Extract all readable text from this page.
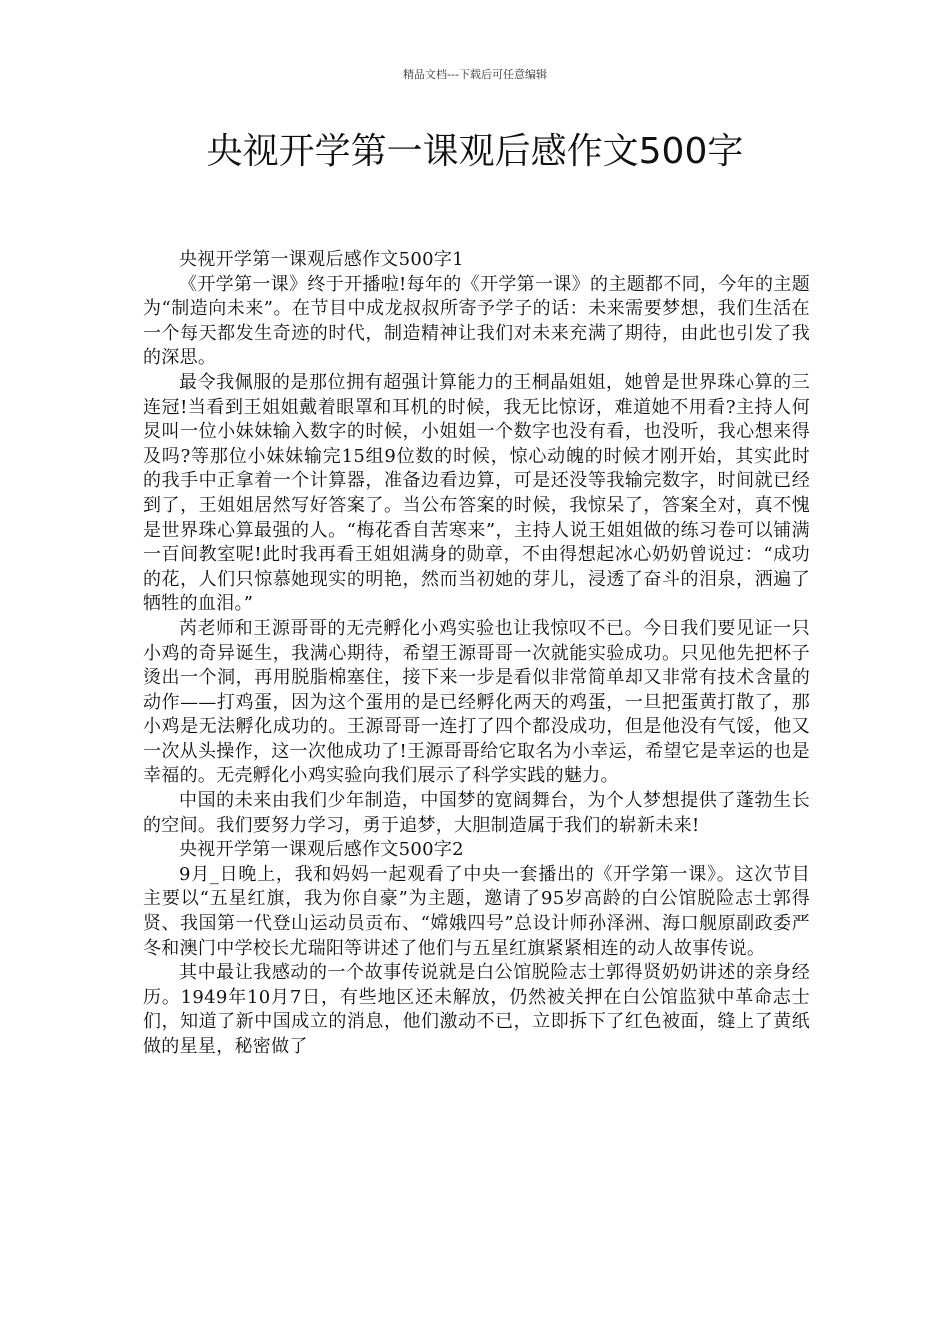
精品文档---下载后可任意编辑
央视开学第一课观后感作文500字

央视开学第一课观后感作文500字1

《开学第一课》终于开播啦!每年的《开学第一课》的主题都不同，今年的主题为“制造向未来”。在节目中成龙叔叔所寄予学子的话：未来需要梦想，我们生活在一个每天都发生奇迹的时代，制造精神让我们对未来充满了期待，由此也引发了我的深思。

最令我佩服的是那位拥有超强计算能力的王桐晶姐姐，她曾是世界珠心算的三连冠!当看到王姐姐戴着眼罩和耳机的时候，我无比惊讶，难道她不用看?主持人何炅叫一位小妹妹输入数字的时候，小姐姐一个数字也没有看，也没听，我心想来得及吗?等那位小妹妹输完15组9位数的时候，惊心动魄的时候才刚开始，其实此时的我手中正拿着一个计算器，准备边看边算，可是还没等我输完数字，时间就已经到了，王姐姐居然写好答案了。当公布答案的时候，我惊呆了，答案全对，真不愧是世界珠心算最强的人。“梅花香自苦寒来”，主持人说王姐姐做的练习卷可以铺满一百间教室呢!此时我再看王姐姐满身的勋章，不由得想起冰心奶奶曾说过：“成功的花，人们只惊慕她现实的明艳，然而当初她的芽儿，浸透了奋斗的泪泉，洒遍了牺牲的血泪。”

芮老师和王源哥哥的无壳孵化小鸡实验也让我惊叹不已。今日我们要见证一只小鸡的奇异诞生，我满心期待，希望王源哥哥一次就能实验成功。只见他先把杯子烫出一个洞，再用脱脂棉塞住，接下来一步是看似非常简单却又非常有技术含量的动作——打鸡蛋，因为这个蛋用的是已经孵化两天的鸡蛋，一旦把蛋黄打散了，那小鸡是无法孵化成功的。王源哥哥一连打了四个都没成功，但是他没有气馁，他又一次从头操作，这一次他成功了!王源哥哥给它取名为小幸运，希望它是幸运的也是幸福的。无壳孵化小鸡实验向我们展示了科学实践的魅力。

中国的未来由我们少年制造，中国梦的宽阔舞台，为个人梦想提供了蓬勃生长的空间。我们要努力学习，勇于追梦，大胆制造属于我们的崭新未来!

央视开学第一课观后感作文500字2

9月_日晚上，我和妈妈一起观看了中央一套播出的《开学第一课》。这次节目主要以“五星红旗，我为你自豪”为主题，邀请了95岁高龄的白公馆脱险志士郭得贤、我国第一代登山运动员贡布、“嫦娥四号”总设计师孙泽洲、海口舰原副政委严冬和澳门中学校长尤瑞阳等讲述了他们与五星红旗紧紧相连的动人故事传说。

其中最让我感动的一个故事传说就是白公馆脱险志士郭得贤奶奶讲述的亲身经历。1949年10月7日，有些地区还未解放，仍然被关押在白公馆监狱中革命志士们，知道了新中国成立的消息，他们激动不已，立即拆下了红色被面，缝上了黄纸做的星星，秘密做了
